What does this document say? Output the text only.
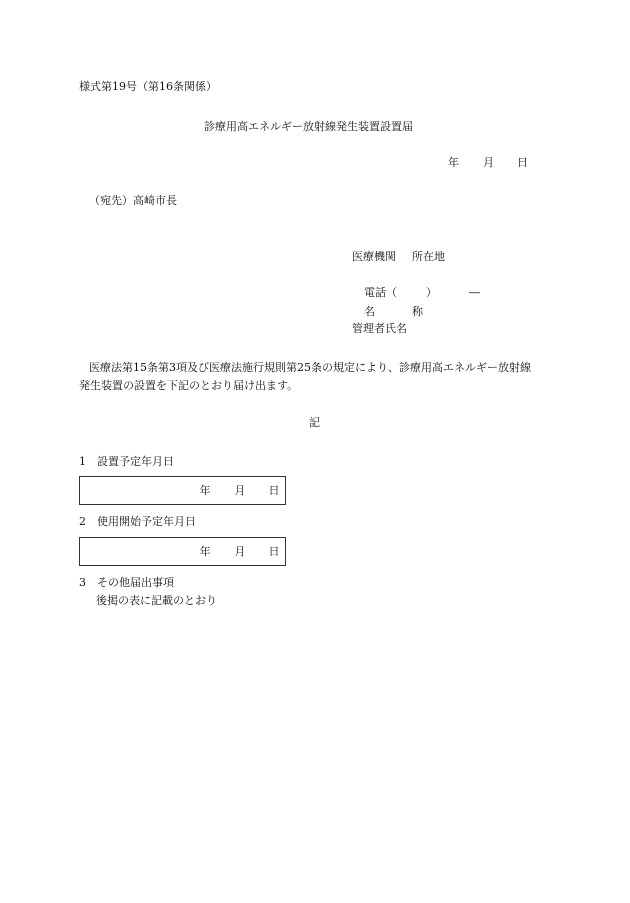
様式第19号（第16条関係）
診療用高エネルギー放射線発生装置設置届
年 月 日
（宛先）高崎市長
医療機関 所在地
電話（	）	―
名	称
管理者氏名
医療法第15条第3項及び医療法施行規則第25条の規定により、診療用高エネルギー放射線
発生装置の設置を下記のとおり届け出ます。
記
1　設置予定年月日
年 月 日
2　使用開始予定年月日
年 月 日
3　その他届出事項
後掲の表に記載のとおり
